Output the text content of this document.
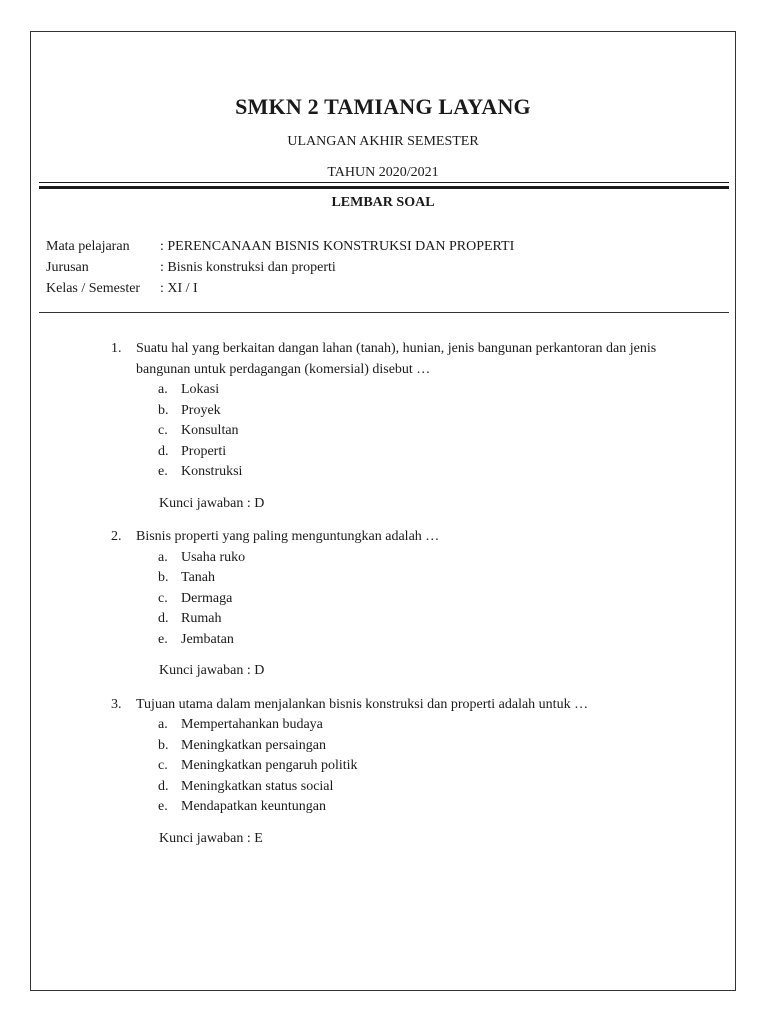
SMKN 2 TAMIANG LAYANG
ULANGAN AKHIR SEMESTER
TAHUN 2020/2021
LEMBAR SOAL
Mata pelajaran	: PERENCANAAN BISNIS KONSTRUKSI DAN PROPERTI
Jurusan	: Bisnis konstruksi dan properti
Kelas / Semester	: XI / I
1.	Suatu hal yang berkaitan dangan lahan (tanah), hunian, jenis bangunan perkantoran dan jenis bangunan untuk perdagangan (komersial) disebut …
a. Lokasi
b. Proyek
c. Konsultan
d. Properti
e. Konstruksi
Kunci jawaban : D
2.	Bisnis properti yang paling menguntungkan adalah …
a. Usaha ruko
b. Tanah
c. Dermaga
d. Rumah
e. Jembatan
Kunci jawaban : D
3.	Tujuan utama dalam menjalankan bisnis konstruksi dan properti adalah untuk …
a. Mempertahankan budaya
b. Meningkatkan persaingan
c. Meningkatkan pengaruh politik
d. Meningkatkan status social
e. Mendapatkan keuntungan
Kunci jawaban : E
